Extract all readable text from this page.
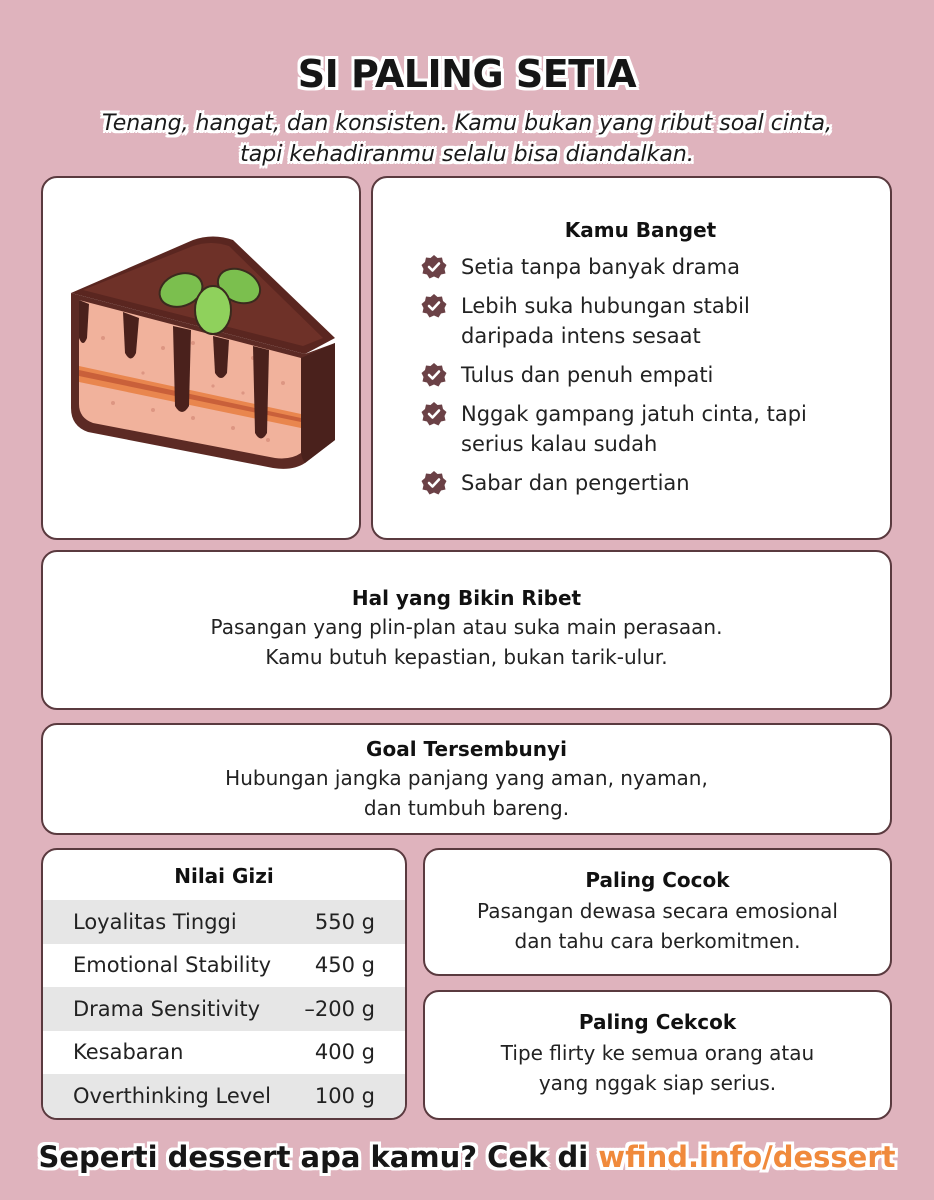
SI PALING SETIA
Tenang, hangat, dan konsisten. Kamu bukan yang ribut soal cinta,
tapi kehadiranmu selalu bisa diandalkan.
Kamu Banget
Setia tanpa banyak drama
Lebih suka hubungan stabil
daripada intens sesaat
Tulus dan penuh empati
Nggak gampang jatuh cinta, tapi
serius kalau sudah
Sabar dan pengertian
Hal yang Bikin Ribet
Pasangan yang plin-plan atau suka main perasaan.
Kamu butuh kepastian, bukan tarik-ulur.
Goal Tersembunyi
Hubungan jangka panjang yang aman, nyaman,
dan tumbuh bareng.
Nilai Gizi
Loyalitas Tinggi	550 g
Emotional Stability 450 g
Drama Sensitivity –200 g
Kesabaran	400 g
Overthinking Level 100 g
Paling Cocok
Pasangan dewasa secara emosional
dan tahu cara berkomitmen.
Paling Cekcok
Tipe flirty ke semua orang atau
yang nggak siap serius.
Seperti dessert apa kamu? Cek di wfind.info/dessert
